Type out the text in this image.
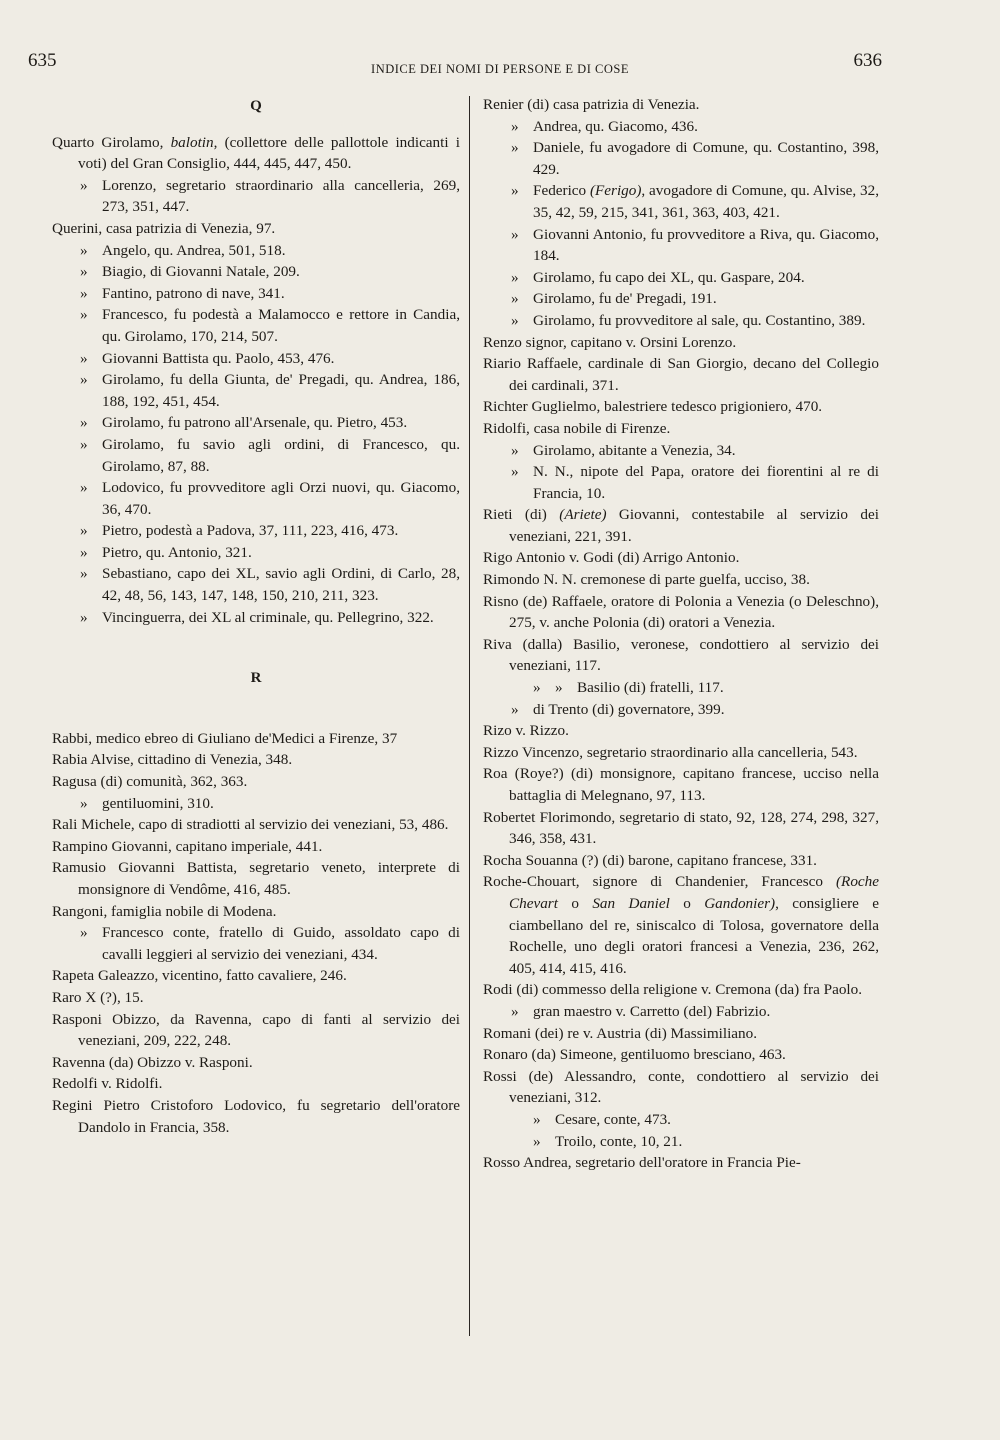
635	INDICE DEI NOMI DI PERSONE E DI COSE	636
Q
Quarto Girolamo, balotin, (collettore delle pallottole indicanti i voti) del Gran Consiglio, 444, 445, 447, 450.
» Lorenzo, segretario straordinario alla cancelleria, 269, 273, 351, 447.
Querini, casa patrizia di Venezia, 97.
» Angelo, qu. Andrea, 501, 518.
» Biagio, di Giovanni Natale, 209.
» Fantino, patrono di nave, 341.
» Francesco, fu podestà a Malamocco e rettore in Candia, qu. Girolamo, 170, 214, 507.
» Giovanni Battista qu. Paolo, 453, 476.
» Girolamo, fu della Giunta, de' Pregadi, qu. Andrea, 186, 188, 192, 451, 454.
» Girolamo, fu patrono all'Arsenale, qu. Pietro, 453.
» Girolamo, fu savio agli ordini, di Francesco, qu. Girolamo, 87, 88.
» Lodovico, fu provveditore agli Orzi nuovi, qu. Giacomo, 36, 470.
» Pietro, podestà a Padova, 37, 111, 223, 416, 473.
» Pietro, qu. Antonio, 321.
» Sebastiano, capo dei XL, savio agli Ordini, di Carlo, 28, 42, 48, 56, 143, 147, 148, 150, 210, 211, 323.
» Vincinguerra, dei XL al criminale, qu. Pellegrino, 322.
R
Rabbi, medico ebreo di Giuliano de'Medici a Firenze, 37
Rabia Alvise, cittadino di Venezia, 348.
Ragusa (di) comunità, 362, 363.
» gentiluomini, 310.
Rali Michele, capo di stradiotti al servizio dei veneziani, 53, 486.
Rampino Giovanni, capitano imperiale, 441.
Ramusio Giovanni Battista, segretario veneto, interprete di monsignore di Vendôme, 416, 485.
Rangoni, famiglia nobile di Modena.
» Francesco conte, fratello di Guido, assoldato capo di cavalli leggieri al servizio dei veneziani, 434.
Rapeta Galeazzo, vicentino, fatto cavaliere, 246.
Raro X (?), 15.
Rasponi Obizzo, da Ravenna, capo di fanti al servizio dei veneziani, 209, 222, 248.
Ravenna (da) Obizzo v. Rasponi.
Redolfi v. Ridolfi.
Regini Pietro Cristoforo Lodovico, fu segretario dell'oratore Dandolo in Francia, 358.
Renier (di) casa patrizia di Venezia.
» Andrea, qu. Giacomo, 436.
» Daniele, fu avogadore di Comune, qu. Costantino, 398, 429.
» Federico (Ferigo), avogadore di Comune, qu. Alvise, 32, 35, 42, 59, 215, 341, 361, 363, 403, 421.
» Giovanni Antonio, fu provveditore a Riva, qu. Giacomo, 184.
» Girolamo, fu capo dei XL, qu. Gaspare, 204.
» Girolamo, fu de' Pregadi, 191.
» Girolamo, fu provveditore al sale, qu. Costantino, 389.
Renzo signor, capitano v. Orsini Lorenzo.
Riario Raffaele, cardinale di San Giorgio, decano del Collegio dei cardinali, 371.
Richter Guglielmo, balestriere tedesco prigioniero, 470.
Ridolfi, casa nobile di Firenze.
» Girolamo, abitante a Venezia, 34.
» N. N., nipote del Papa, oratore dei fiorentini al re di Francia, 10.
Rieti (di) (Ariete) Giovanni, contestabile al servizio dei veneziani, 221, 391.
Rigo Antonio v. Godi (di) Arrigo Antonio.
Rimondo N. N. cremonese di parte guelfa, ucciso, 38.
Risno (de) Raffaele, oratore di Polonia a Venezia (o Deleschno), 275, v. anche Polonia (di) oratori a Venezia.
Riva (dalla) Basilio, veronese, condottiero al servizio dei veneziani, 117.
» » Basilio (di) fratelli, 117.
» di Trento (di) governatore, 399.
Rizo v. Rizzo.
Rizzo Vincenzo, segretario straordinario alla cancelleria, 543.
Roa (Roye?) (di) monsignore, capitano francese, ucciso nella battaglia di Melegnano, 97, 113.
Robertet Florimondo, segretario di stato, 92, 128, 274, 298, 327, 346, 358, 431.
Rocha Souanna (?) (di) barone, capitano francese, 331.
Roche-Chouart, signore di Chandenier, Francesco (Roche Chevart o San Daniel o Gandonier), consigliere e ciambellano del re, siniscalco di Tolosa, governatore della Rochelle, uno degli oratori francesi a Venezia, 236, 262, 405, 414, 415, 416.
Rodi (di) commesso della religione v. Cremona (da) fra Paolo.
» gran maestro v. Carretto (del) Fabrizio.
Romani (dei) re v. Austria (di) Massimiliano.
Ronaro (da) Simeone, gentiluomo bresciano, 463.
Rossi (de) Alessandro, conte, condottiero al servizio dei veneziani, 312.
» Cesare, conte, 473.
» Troilo, conte, 10, 21.
Rosso Andrea, segretario dell'oratore in Francia Pie-
